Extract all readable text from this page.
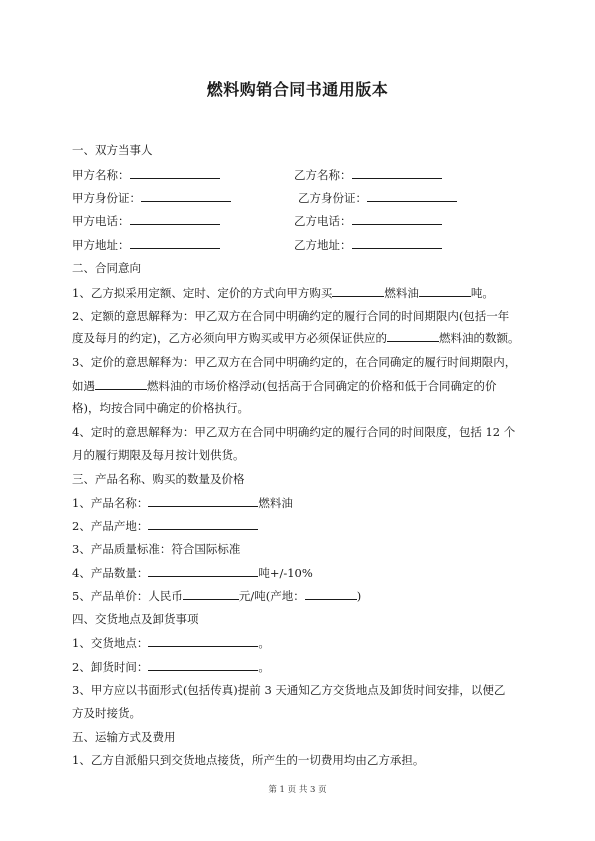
燃料购销合同书通用版本
一、双方当事人
甲方名称：	乙方名称：
甲方身份证：	乙方身份证：
甲方电话：	乙方电话：
甲方地址：	乙方地址：
二、合同意向
1、乙方拟采用定额、定时、定价的方式向甲方购买	燃料油	吨。
2、定额的意思解释为：甲乙双方在合同中明确约定的履行合同的时间期限内(包括一年
度及每月的约定)，乙方必须向甲方购买或甲方必须保证供应的	燃料油的数额。
3、定价的意思解释为：甲乙双方在合同中明确约定的，在合同确定的履行时间期限内，
如遇	燃料油的市场价格浮动(包括高于合同确定的价格和低于合同确定的价
格)，均按合同中确定的价格执行。
4、定时的意思解释为：甲乙双方在合同中明确约定的履行合同的时间限度，包括 12 个
月的履行期限及每月按计划供货。
三、产品名称、购买的数量及价格
1、产品名称：	燃料油
2、产品产地：
3、产品质量标准：符合国际标准
4、产品数量：	吨+/-10%
5、产品单价：人民币	元/吨(产地：	)
四、交货地点及卸货事项
1、交货地点：	。
2、卸货时间：	。
3、甲方应以书面形式(包括传真)提前 3 天通知乙方交货地点及卸货时间安排，以便乙
方及时接货。
五、运输方式及费用
1、乙方自派船只到交货地点接货，所产生的一切费用均由乙方承担。
第 1 页 共 3 页
